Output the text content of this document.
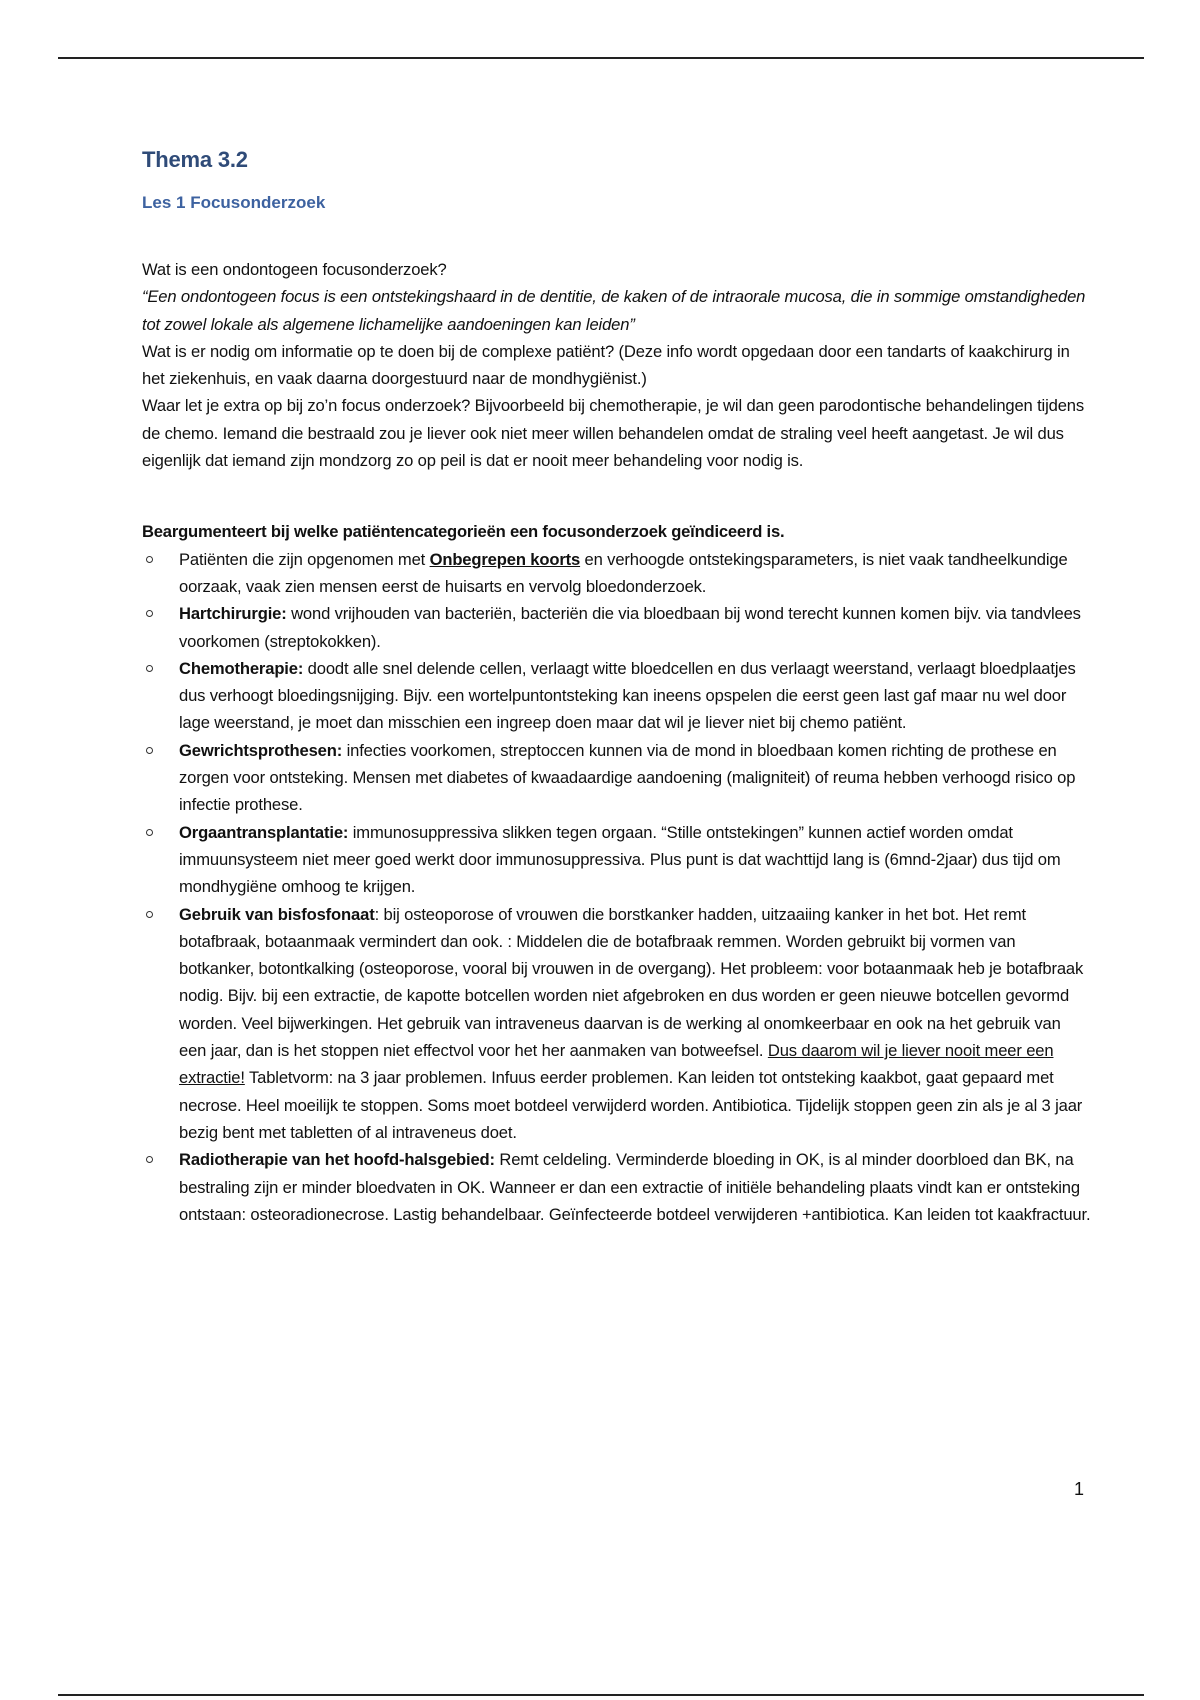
Thema 3.2
Les 1 Focusonderzoek

Wat is een ondontogeen focusonderzoek?

“Een ondontogeen focus is een ontstekingshaard in de dentitie, de kaken of de intraorale mucosa, die in sommige omstandigheden tot zowel lokale als algemene lichamelijke aandoeningen kan leiden”

Wat is er nodig om informatie op te doen bij de complexe patiënt? (Deze info wordt opgedaan door een tandarts of kaakchirurg in het ziekenhuis, en vaak daarna doorgestuurd naar de mondhygiënist.)

Waar let je extra op bij zo’n focus onderzoek? Bijvoorbeeld bij chemotherapie, je wil dan geen parodontische behandelingen tijdens de chemo. Iemand die bestraald zou je liever ook niet meer willen behandelen omdat de straling veel heeft aangetast. Je wil dus eigenlijk dat iemand zijn mondzorg zo op peil is dat er nooit meer behandeling voor nodig is.

Beargumenteert bij welke patiëntencategorieën een focusonderzoek geïndiceerd is.
Patiënten die zijn opgenomen met Onbegrepen koorts en verhoogde ontstekingsparameters, is niet vaak tandheelkundige oorzaak, vaak zien mensen eerst de huisarts en vervolg bloedonderzoek.
Hartchirurgie: wond vrijhouden van bacteriën, bacteriën die via bloedbaan bij wond terecht kunnen komen bijv. via tandvlees voorkomen (streptokokken).
Chemotherapie: doodt alle snel delende cellen, verlaagt witte bloedcellen en dus verlaagt weerstand, verlaagt bloedplaatjes dus verhoogt bloedingsnijging. Bijv. een wortelpuntontsteking kan ineens opspelen die eerst geen last gaf maar nu wel door lage weerstand, je moet dan misschien een ingreep doen maar dat wil je liever niet bij chemo patiënt.
Gewrichtsprothesen: infecties voorkomen, streptoccen kunnen via de mond in bloedbaan komen richting de prothese en zorgen voor ontsteking. Mensen met diabetes of kwaadaardige aandoening (maligniteit) of reuma hebben verhoogd risico op infectie prothese.
Orgaantransplantatie: immunosuppressiva slikken tegen orgaan. “Stille ontstekingen” kunnen actief worden omdat immuunsysteem niet meer goed werkt door immunosuppressiva. Plus punt is dat wachttijd lang is (6mnd-2jaar) dus tijd om mondhygiëne omhoog te krijgen.
Gebruik van bisfosfonaat: bij osteoporose of vrouwen die borstkanker hadden, uitzaaiing kanker in het bot. Het remt botafbraak, botaanmaak vermindert dan ook. : Middelen die de botafbraak remmen. Worden gebruikt bij vormen van botkanker, botontkalking (osteoporose, vooral bij vrouwen in de overgang). Het probleem: voor botaanmaak heb je botafbraak nodig. Bijv. bij een extractie, de kapotte botcellen worden niet afgebroken en dus worden er geen nieuwe botcellen gevormd worden. Veel bijwerkingen. Het gebruik van intraveneus daarvan is de werking al onomkeerbaar en ook na het gebruik van een jaar, dan is het stoppen niet effectvol voor het her aanmaken van botweefsel. Dus daarom wil je liever nooit meer een extractie! Tabletvorm: na 3 jaar problemen. Infuus eerder problemen. Kan leiden tot ontsteking kaakbot, gaat gepaard met necrose. Heel moeilijk te stoppen. Soms moet botdeel verwijderd worden. Antibiotica. Tijdelijk stoppen geen zin als je al 3 jaar bezig bent met tabletten of al intraveneus doet.
Radiotherapie van het hoofd-halsgebied: Remt celdeling. Verminderde bloeding in OK, is al minder doorbloed dan BK, na bestraling zijn er minder bloedvaten in OK. Wanneer er dan een extractie of initiële behandeling plaats vindt kan er ontsteking ontstaan: osteoradionecrose. Lastig behandelbaar. Geïnfecteerde botdeel verwijderen +antibiotica. Kan leiden tot kaakfractuur.
1
